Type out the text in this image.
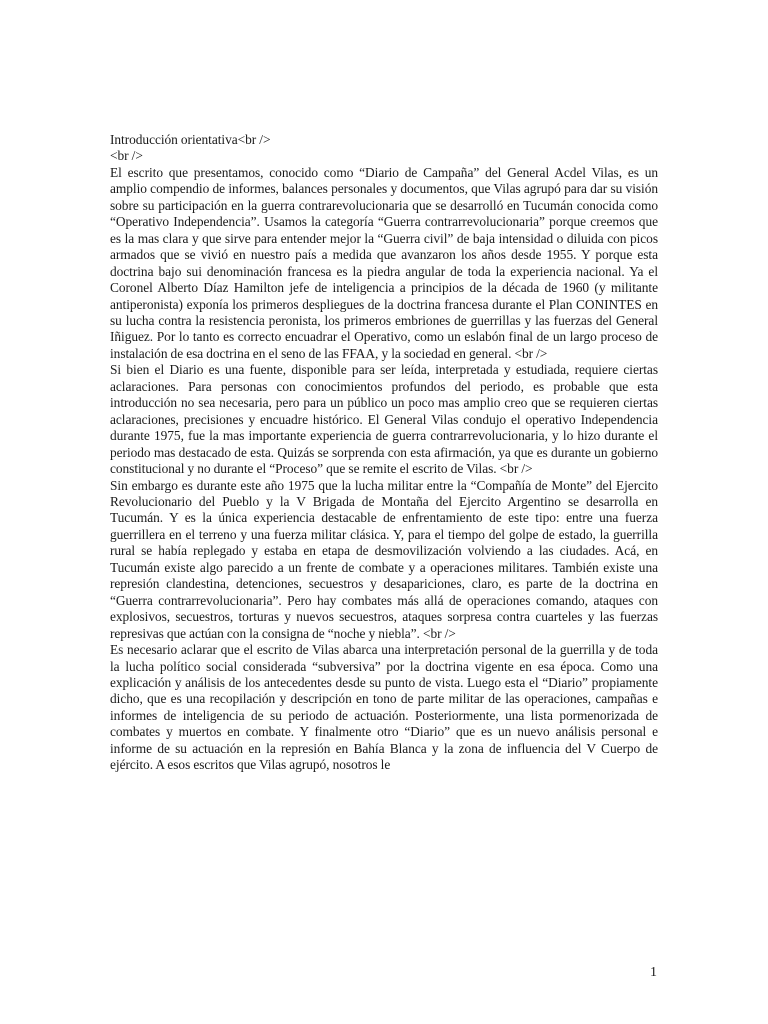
Introducción orientativa<br />
<br />
El escrito que presentamos, conocido como “Diario de Campaña” del General Acdel Vilas, es un amplio compendio de informes, balances personales y documentos, que Vilas agrupó para dar su visión sobre su participación en la guerra contrarevolucionaria que se desarrolló en Tucumán conocida como “Operativo Independencia”. Usamos la categoría “Guerra contrarrevolucionaria” porque creemos que es la mas clara y que sirve para entender mejor la “Guerra civil” de baja intensidad o diluida con picos armados que se vivió en nuestro país a medida que avanzaron los años desde 1955. Y porque esta doctrina bajo sui denominación francesa es la piedra angular de toda la experiencia nacional. Ya el Coronel Alberto Díaz Hamilton jefe de inteligencia a principios de la década de 1960 (y militante antiperonista) exponía los primeros despliegues de la doctrina francesa durante el Plan CONINTES en su lucha contra la resistencia peronista, los primeros embriones de guerrillas y las fuerzas del General Iñiguez. Por lo tanto es correcto encuadrar el Operativo, como un eslabón final de un largo proceso de instalación de esa doctrina en el seno de las FFAA, y la sociedad en general. <br />
Si bien el Diario es una fuente, disponible para ser leída, interpretada y estudiada, requiere ciertas aclaraciones. Para personas con conocimientos profundos del periodo, es probable que esta introducción no sea necesaria, pero para un público un poco mas amplio creo que se requieren ciertas aclaraciones, precisiones y encuadre histórico. El General Vilas condujo el operativo Independencia durante 1975, fue la mas importante experiencia de guerra contrarrevolucionaria, y lo hizo durante el periodo mas destacado de esta. Quizás se sorprenda con esta afirmación, ya que es durante un gobierno constitucional y no durante el “Proceso” que se remite el escrito de Vilas. <br />
Sin embargo es durante este año 1975 que la lucha militar entre la “Compañía de Monte” del Ejercito Revolucionario del Pueblo y la V Brigada de Montaña del Ejercito Argentino se desarrolla en Tucumán. Y es la única experiencia destacable de enfrentamiento de este tipo: entre una fuerza guerrillera en el terreno y una fuerza militar clásica. Y, para el tiempo del golpe de estado, la guerrilla rural se había replegado y estaba en etapa de desmovilización volviendo a las ciudades. Acá, en Tucumán existe algo parecido a un frente de combate y a operaciones militares. También existe una represión clandestina, detenciones, secuestros y desapariciones, claro, es parte de la doctrina en “Guerra contrarrevolucionaria”. Pero hay combates más allá de operaciones comando, ataques con explosivos, secuestros, torturas y nuevos secuestros, ataques sorpresa contra cuarteles y las fuerzas represivas que actúan con la consigna de “noche y niebla”. <br />
Es necesario aclarar que el escrito de Vilas abarca una interpretación personal de la guerrilla y de toda la lucha político social considerada “subversiva” por la doctrina vigente en esa época. Como una explicación y análisis de los antecedentes desde su punto de vista. Luego esta el “Diario” propiamente dicho, que es una recopilación y descripción en tono de parte militar de las operaciones, campañas e informes de inteligencia de su periodo de actuación. Posteriormente, una lista pormenorizada de combates y muertos en combate. Y finalmente otro “Diario” que es un nuevo análisis personal e informe de su actuación en la represión en Bahía Blanca y la zona de influencia del V Cuerpo de ejército. A esos escritos que Vilas agrupó, nosotros le
1
